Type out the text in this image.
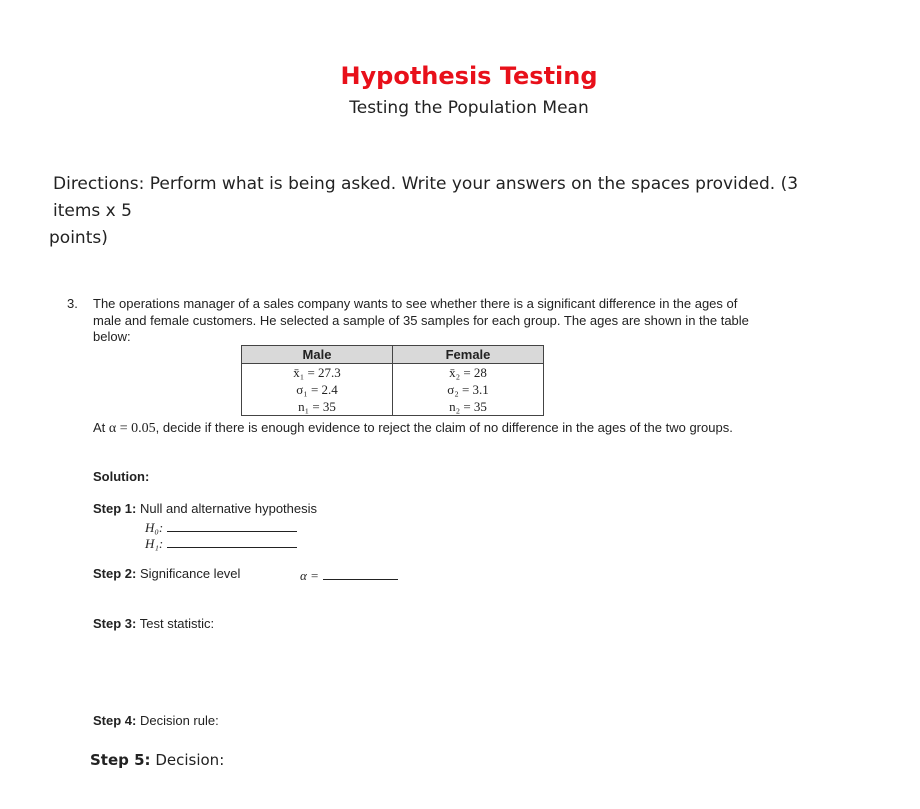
Hypothesis Testing
Testing the Population Mean
Directions: Perform what is being asked. Write your answers on the spaces provided. (3 items x 5
points)
3. The operations manager of a sales company wants to see whether there is a significant difference in the ages of male and female customers. He selected a sample of 35 samples for each group. The ages are shown in the table below:
Male	Female
x̄₁ = 27.3	x̄₂ = 28
σ₁ = 2.4	σ₂ = 3.1
n₁ = 35	n₂ = 35
At α = 0.05, decide if there is enough evidence to reject the claim of no difference in the ages of the two groups.
Solution:
Step 1: Null and alternative hypothesis
H₀:
H₁:
Step 2: Significance level	α =
Step 3: Test statistic:
Step 4: Decision rule:
Step 5: Decision:
